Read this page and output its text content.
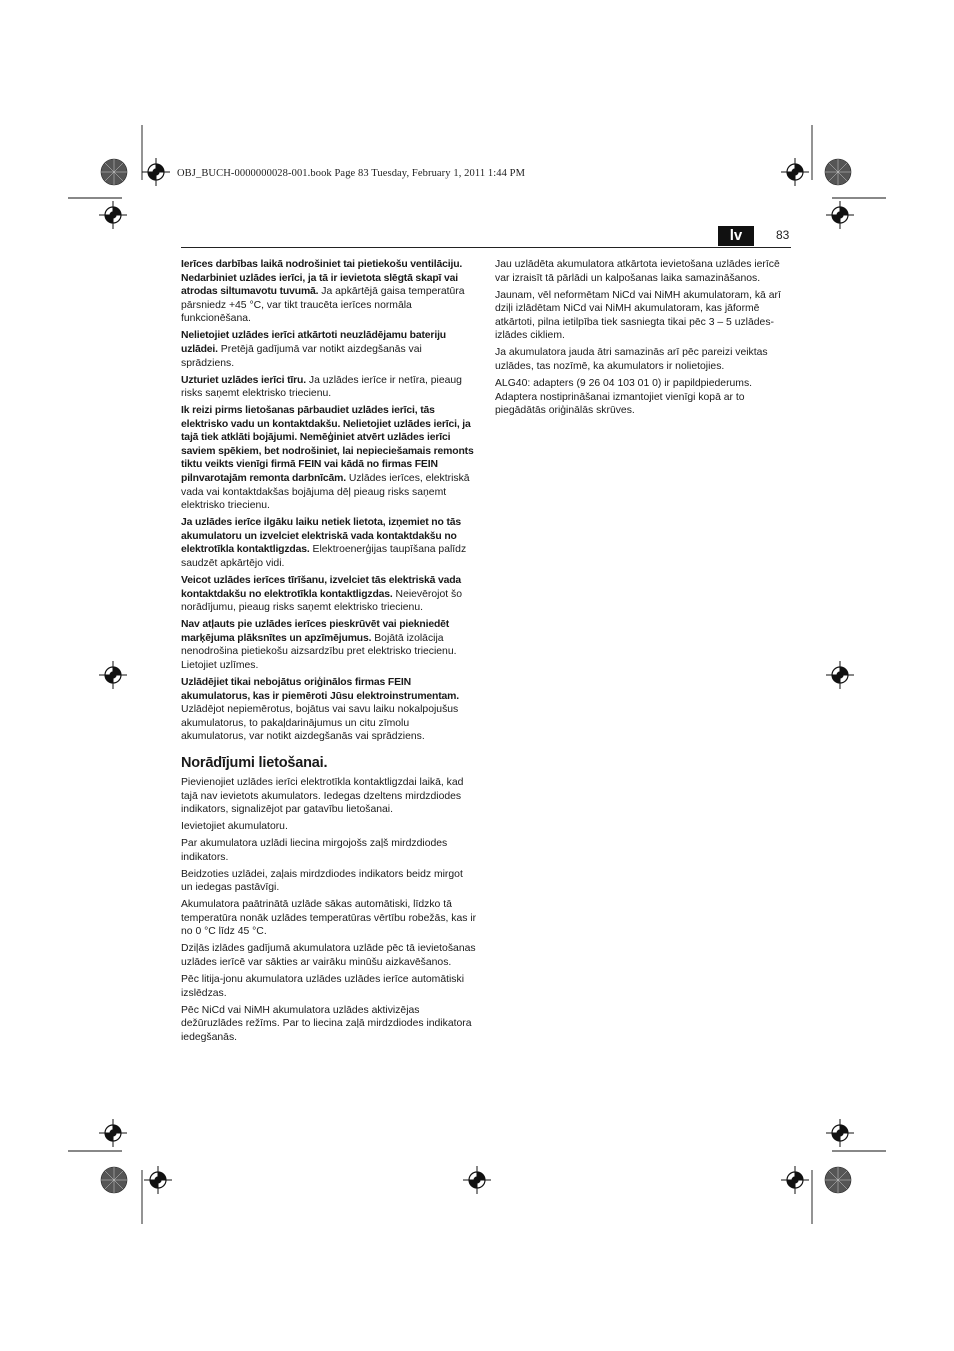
OBJ_BUCH-0000000028-001.book Page 83 Tuesday, February 1, 2011 1:44 PM
lv	83

Ierīces darbības laikā nodrošiniet tai pietiekošu ventilāciju. Nedarbiniet uzlādes ierīci, ja tā ir ievietota slēgtā skapī vai atrodas siltumavotu tuvumā. Ja apkārtējā gaisa temperatūra pārsniedz +45 °C, var tikt traucēta ierīces normāla funkcionēšana.

Nelietojiet uzlādes ierīci atkārtoti neuzlādējamu bateriju uzlādei. Pretējā gadījumā var notikt aizdegšanās vai sprādziens.

Uzturiet uzlādes ierīci tīru. Ja uzlādes ierīce ir netīra, pieaug risks saņemt elektrisko triecienu.

Ik reizi pirms lietošanas pārbaudiet uzlādes ierīci, tās elektrisko vadu un kontaktdakšu. Nelietojiet uzlādes ierīci, ja tajā tiek atklāti bojājumi. Nemēģiniet atvērt uzlādes ierīci saviem spēkiem, bet nodrošiniet, lai nepieciešamais remonts tiktu veikts vienīgi firmā FEIN vai kādā no firmas FEIN pilnvarotajām remonta darbnīcām. Uzlādes ierīces, elektriskā vada vai kontaktdakšas bojājuma dēļ pieaug risks saņemt elektrisko triecienu.

Ja uzlādes ierīce ilgāku laiku netiek lietota, izņemiet no tās akumulatoru un izvelciet elektriskā vada kontaktdakšu no elektrotīkla kontaktligzdas. Elektroenerģijas taupīšana palīdz saudzēt apkārtējo vidi.

Veicot uzlādes ierīces tīrīšanu, izvelciet tās elektriskā vada kontaktdakšu no elektrotīkla kontaktligzdas. Neievērojot šo norādījumu, pieaug risks saņemt elektrisko triecienu.

Nav atļauts pie uzlādes ierīces pieskrūvēt vai piekniedēt marķējuma plāksnītes un apzīmējumus. Bojātā izolācija nenodrošina pietiekošu aizsardzību pret elektrisko triecienu. Lietojiet uzlīmes.

Uzlādējiet tikai nebojātus oriģinālos firmas FEIN akumulatorus, kas ir piemēroti Jūsu elektroinstrumentam. Uzlādējot nepiemērotus, bojātus vai savu laiku nokalpojušus akumulatorus, to pakaļdarinājumus un citu zīmolu akumulatorus, var notikt aizdegšanās vai sprādziens.

Norādījumi lietošanai.

Pievienojiet uzlādes ierīci elektrotīkla kontaktligzdai laikā, kad tajā nav ievietots akumulators. Iedegas dzeltens mirdzdiodes indikators, signalizējot par gatavību lietošanai.

Ievietojiet akumulatoru.

Par akumulatora uzlādi liecina mirgojošs zaļš mirdzdiodes indikators.

Beidzoties uzlādei, zaļais mirdzdiodes indikators beidz mirgot un iedegas pastāvīgi.

Akumulatora paātrinātā uzlāde sākas automātiski, līdzko tā temperatūra nonāk uzlādes temperatūras vērtību robežās, kas ir no 0 °C līdz 45 °C.

Dziļās izlādes gadījumā akumulatora uzlāde pēc tā ievietošanas uzlādes ierīcē var sākties ar vairāku minūšu aizkavēšanos.

Pēc litija-jonu akumulatora uzlādes uzlādes ierīce automātiski izslēdzas.

Pēc NiCd vai NiMH akumulatora uzlādes aktivizējas dežūruzlādes režīms. Par to liecina zaļā mirdzdiodes indikatora iedegšanās.

Jau uzlādēta akumulatora atkārtota ievietošana uzlādes ierīcē var izraisīt tā pārlādi un kalpošanas laika samazināšanos.

Jaunam, vēl neformētam NiCd vai NiMH akumulatoram, kā arī dziļi izlādētam NiCd vai NiMH akumulatoram, kas jāformē atkārtoti, pilna ietilpība tiek sasniegta tikai pēc 3 – 5 uzlādes-izlādes cikliem.

Ja akumulatora jauda ātri samazinās arī pēc pareizi veiktas uzlādes, tas nozīmē, ka akumulators ir nolietojies.

ALG40: adapters (9 26 04 103 01 0) ir papildpiederums. Adaptera nostiprināšanai izmantojiet vienīgi kopā ar to piegādātās oriģinālās skrūves.
